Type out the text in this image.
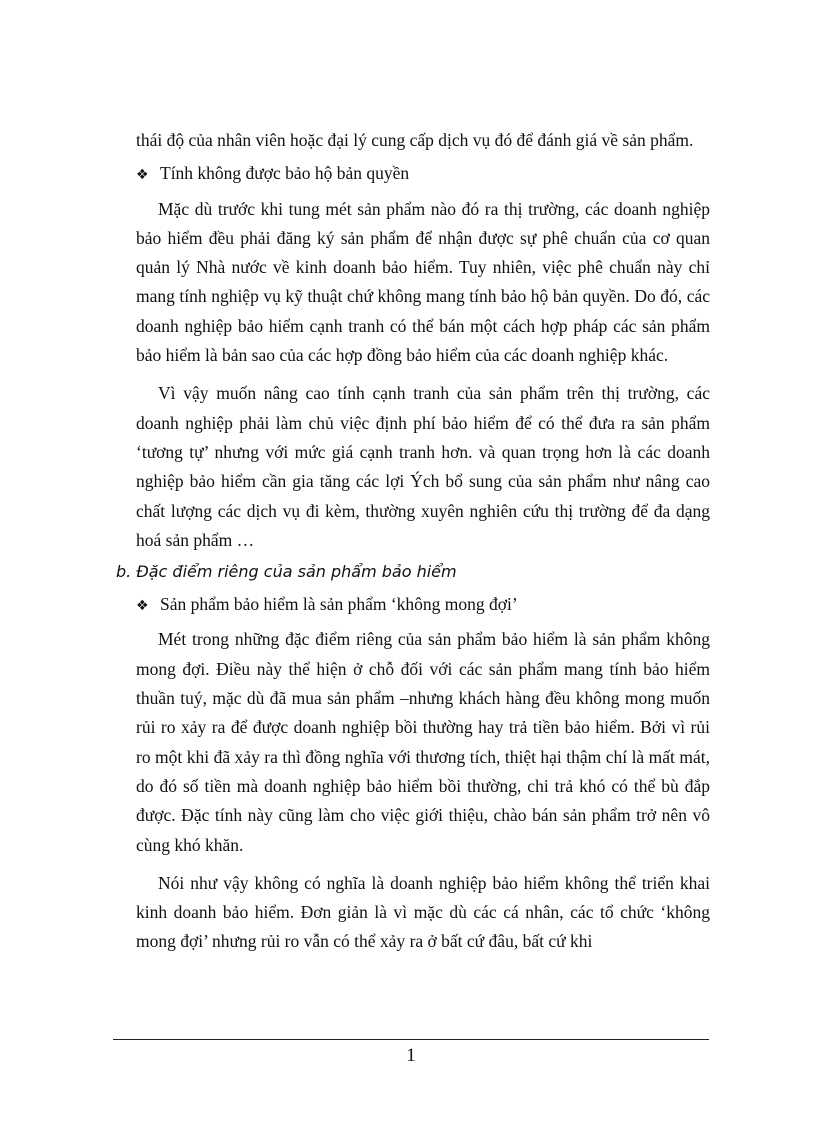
thái độ của nhân viên hoặc đại lý cung cấp dịch vụ đó để đánh giá về sản phẩm.

❖ Tính không được bảo hộ bản quyền

Mặc dù trước khi tung mét sản phẩm nào đó ra thị trường, các doanh nghiệp bảo hiểm đều phải đăng ký sản phẩm để nhận được sự phê chuẩn của cơ quan quản lý Nhà nước về kinh doanh bảo hiểm. Tuy nhiên, việc phê chuẩn này chỉ mang tính nghiệp vụ kỹ thuật chứ không mang tính bảo hộ bản quyền. Do đó, các doanh nghiệp bảo hiểm cạnh tranh có thể bán một cách hợp pháp các sản phẩm bảo hiểm là bản sao của các hợp đồng bảo hiểm của các doanh nghiệp khác.

Vì vậy muốn nâng cao tính cạnh tranh của sản phẩm trên thị trường, các doanh nghiệp phải làm chủ việc định phí bảo hiểm để có thể đưa ra sản phẩm ‘tương tự’ nhưng với mức giá cạnh tranh hơn. và quan trọng hơn là các doanh nghiệp bảo hiểm cần gia tăng các lợi Ých bổ sung của sản phẩm như nâng cao chất lượng các dịch vụ đi kèm, thường xuyên nghiên cứu thị trường để đa dạng hoá sản phẩm …

b. Đặc điểm riêng của sản phẩm bảo hiểm
❖ Sản phẩm bảo hiểm là sản phẩm ‘không mong đợi’

Mét trong những đặc điểm riêng của sản phẩm bảo hiểm là sản phẩm không mong đợi. Điều này thể hiện ở chỗ đối với các sản phẩm mang tính bảo hiểm thuần tuý, mặc dù đã mua sản phẩm –nhưng khách hàng đều không mong muốn rủi ro xảy ra để được doanh nghiệp bồi thường hay trả tiền bảo hiểm. Bởi vì rủi ro một khi đã xảy ra thì đồng nghĩa với thương tích, thiệt hại thậm chí là mất mát, do đó số tiền mà doanh nghiệp bảo hiểm bồi thường, chi trả khó có thể bù đắp được. Đặc tính này cũng làm cho việc giới thiệu, chào bán sản phẩm trở nên vô cùng khó khăn.

Nói như vậy không có nghĩa là doanh nghiệp bảo hiểm không thể triển khai kinh doanh bảo hiểm. Đơn giản là vì mặc dù các cá nhân, các tổ chức ‘không mong đợi’ nhưng rủi ro vẫn có thể xảy ra ở bất cứ đâu, bất cứ khi

1
